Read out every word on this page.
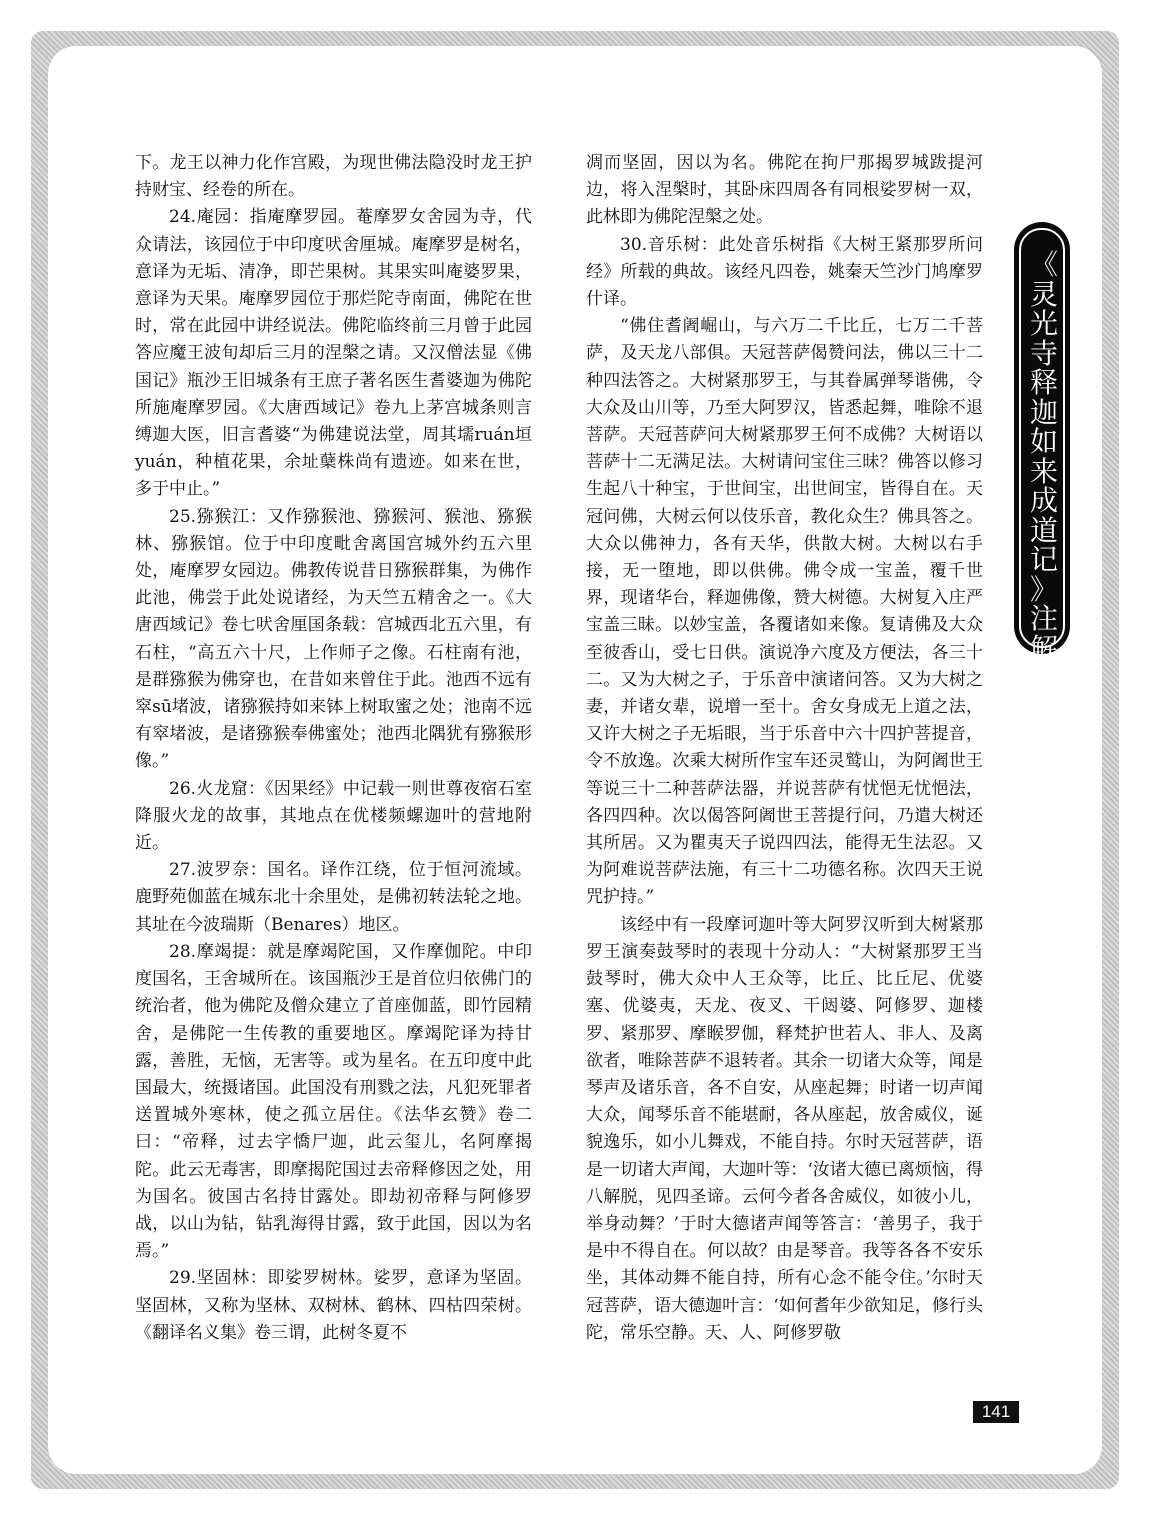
下。龙王以神力化作宫殿，为现世佛法隐没时龙王护持财宝、经卷的所在。

24.庵园：指庵摩罗园。菴摩罗女舍园为寺，代众请法，该园位于中印度吠舍厘城。庵摩罗是树名，意译为无垢、清净，即芒果树。其果实叫庵婆罗果，意译为天果。庵摩罗园位于那烂陀寺南面，佛陀在世时，常在此园中讲经说法。佛陀临终前三月曾于此园答应魔王波旬却后三月的涅槃之请。又汉僧法显《佛国记》瓶沙王旧城条有王庶子著名医生耆婆迦为佛陀所施庵摩罗园。《大唐西域记》卷九上茅宫城条则言缚迦大医，旧言耆婆“为佛建说法堂，周其壖ruán垣yuán，种植花果，余址蘖株尚有遗迹。如来在世，多于中止。”

25.猕猴江：又作猕猴池、猕猴河、猴池、猕猴林、猕猴馆。位于中印度毗舍离国宫城外约五六里处，庵摩罗女园边。佛教传说昔日猕猴群集，为佛作此池，佛尝于此处说诸经，为天竺五精舍之一。《大唐西域记》卷七吠舍厘国条载：宫城西北五六里，有石柱，“高五六十尺，上作师子之像。石柱南有池，是群猕猴为佛穿也，在昔如来曾住于此。池西不远有窣sū堵波，诸猕猴持如来钵上树取蜜之处；池南不远有窣堵波，是诸猕猴奉佛蜜处；池西北隅犹有猕猴形像。”

26.火龙窟：《因果经》中记载一则世尊夜宿石室降服火龙的故事，其地点在优楼频螺迦叶的营地附近。

27.波罗奈：国名。译作江绕，位于恒河流域。鹿野苑伽蓝在城东北十余里处，是佛初转法轮之地。其址在今波瑞斯（Benares）地区。

28.摩竭提：就是摩竭陀国，又作摩伽陀。中印度国名，王舍城所在。该国瓶沙王是首位归依佛门的统治者，他为佛陀及僧众建立了首座伽蓝，即竹园精舍，是佛陀一生传教的重要地区。摩竭陀译为持甘露，善胜，无恼，无害等。或为星名。在五印度中此国最大，统摄诸国。此国没有刑戮之法，凡犯死罪者送置城外寒林，使之孤立居住。《法华玄赞》卷二曰：“帝释，过去字憍尸迦，此云玺儿，名阿摩揭陀。此云无毒害，即摩揭陀国过去帝释修因之处，用为国名。彼国古名持甘露处。即劫初帝释与阿修罗战，以山为钻，钻乳海得甘露，致于此国，因以为名焉。”

29.坚固林：即娑罗树林。娑罗，意译为坚固。坚固林，又称为坚林、双树林、鹤林、四枯四荣树。《翻译名义集》卷三谓，此树冬夏不

凋而坚固，因以为名。佛陀在拘尸那揭罗城跋提河边，将入涅槃时，其卧床四周各有同根娑罗树一双，此林即为佛陀涅槃之处。

30.音乐树：此处音乐树指《大树王紧那罗所问经》所载的典故。该经凡四卷，姚秦天竺沙门鸠摩罗什译。

“佛住耆阇崛山，与六万二千比丘，七万二千菩萨，及天龙八部俱。天冠菩萨偈赞问法，佛以三十二种四法答之。大树紧那罗王，与其眷属弹琴谐佛，令大众及山川等，乃至大阿罗汉，皆悉起舞，唯除不退菩萨。天冠菩萨问大树紧那罗王何不成佛？大树语以菩萨十二无满足法。大树请问宝住三昧？佛答以修习生起八十种宝，于世间宝，出世间宝，皆得自在。天冠问佛，大树云何以伎乐音，教化众生？佛具答之。大众以佛神力，各有天华，供散大树。大树以右手接，无一堕地，即以供佛。佛令成一宝盖，覆千世界，现诸华台，释迦佛像，赞大树德。大树复入庄严宝盖三昧。以妙宝盖，各覆诸如来像。复请佛及大众至彼香山，受七日供。演说净六度及方便法，各三十二。又为大树之子，于乐音中演诸问答。又为大树之妻，并诸女辈，说增一至十。舍女身成无上道之法，又许大树之子无垢眼，当于乐音中六十四护菩提音，令不放逸。次乘大树所作宝车还灵鹫山，为阿阇世王等说三十二种菩萨法器，并说菩萨有忧悒无忧悒法，各四四种。次以偈答阿阇世王菩提行问，乃遣大树还其所居。又为瞿夷天子说四四法，能得无生法忍。又为阿难说菩萨法施，有三十二功德名称。次四天王说咒护持。”

该经中有一段摩诃迦叶等大阿罗汉听到大树紧那罗王演奏鼓琴时的表现十分动人：“大树紧那罗王当鼓琴时，佛大众中人王众等，比丘、比丘尼、优婆塞、优婆夷，天龙、夜叉、干闼婆、阿修罗、迦楼罗、紧那罗、摩睺罗伽，释梵护世若人、非人、及离欲者，唯除菩萨不退转者。其余一切诸大众等，闻是琴声及诸乐音，各不自安，从座起舞；时诸一切声闻大众，闻琴乐音不能堪耐，各从座起，放舍威仪，诞貌逸乐，如小儿舞戏，不能自持。尔时天冠菩萨，语是一切诸大声闻，大迦叶等：‘汝诸大德已离烦恼，得八解脱，见四圣谛。云何今者各舍威仪，如彼小儿，举身动舞？’于时大德诸声闻等答言：‘善男子，我于是中不得自在。何以故？由是琴音。我等各各不安乐坐，其体动舞不能自持，所有心念不能令住。’尔时天冠菩萨，语大德迦叶言：‘如何耆年少欲知足，修行头陀，常乐空静。天、人、阿修罗敬

《
灵
光
寺
释
迦
如
来
成
道
记
》
注
解
141
